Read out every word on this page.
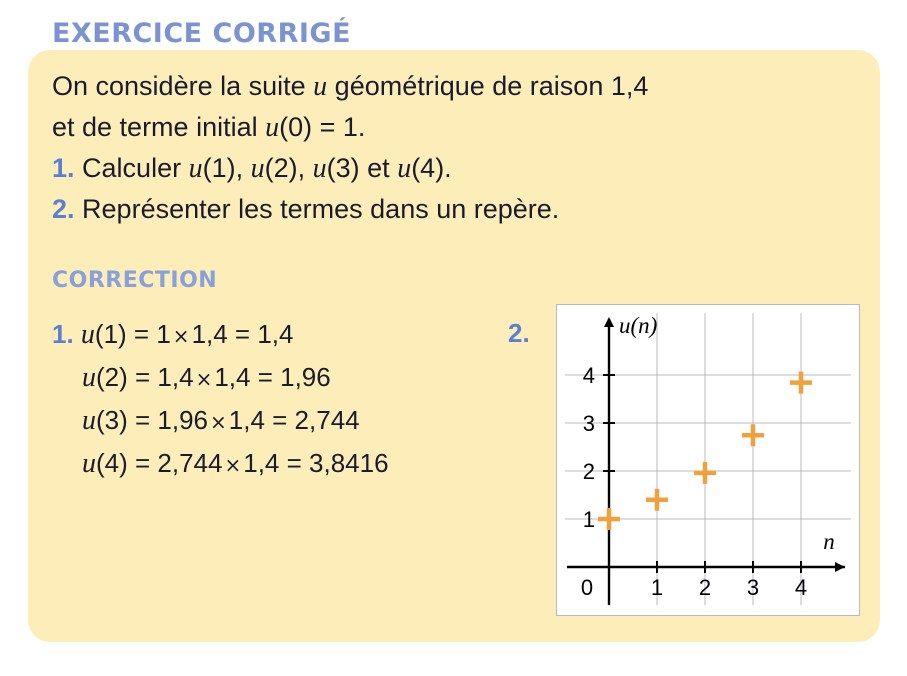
EXERCICE CORRIGÉ
On considère la suite u géométrique de raison 1,4
et de terme initial u(0) = 1.
1. Calculer u(1), u(2), u(3) et u(4).
2. Représenter les termes dans un repère.
CORRECTION
1. u(1) = 1 ×1,4 = 1,4
u(2) = 1,4 ×1,4 = 1,96
u(3) = 1,96 ×1,4 = 2,744
u(4) = 2,744 ×1,4 = 3,8416
2.
0	1 2 3 4
1
2
3
4
u(n)
n
